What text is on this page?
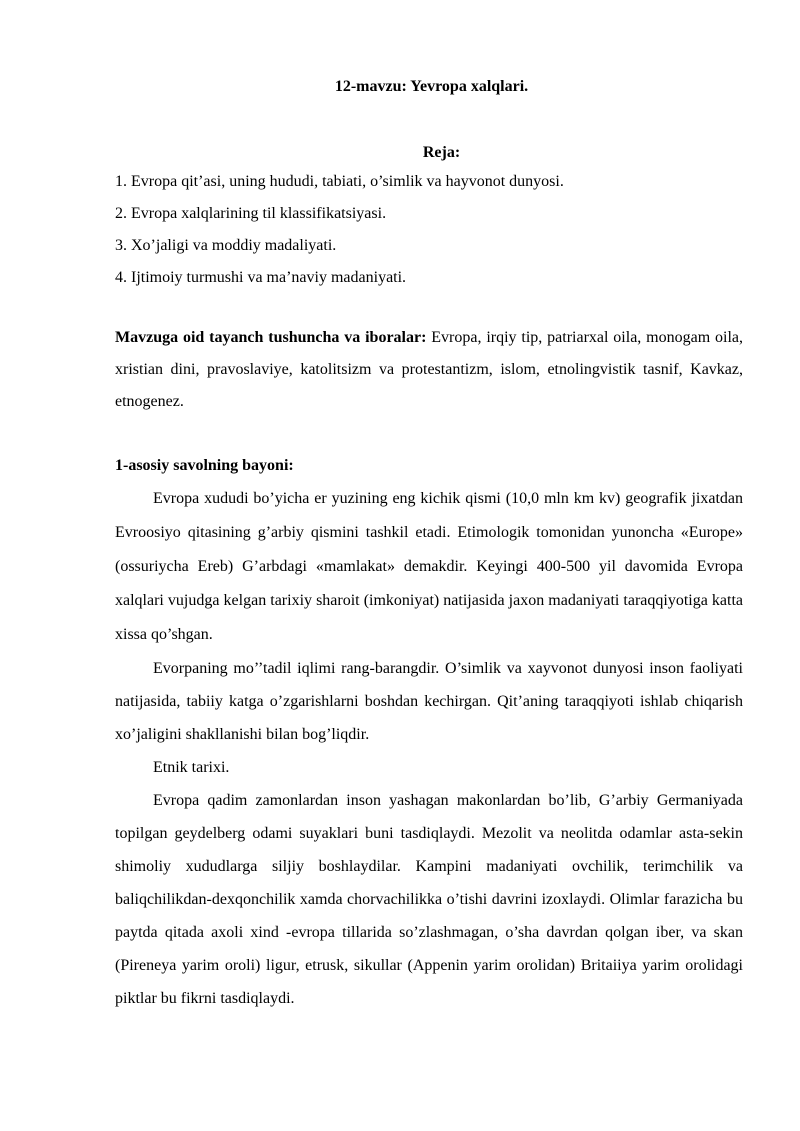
12-mavzu: Yevropa xalqlari.

Reja:

1. Evropa qit’asi, uning hududi, tabiati, o’simlik va hayvonot dunyosi.
2. Evropa xalqlarining til klassifikatsiyasi.
3. Xo’jaligi va moddiy madaliyati.
4. Ijtimoiy turmushi va ma’naviy madaniyati.

Mavzuga oid tayanch tushuncha va iboralar: Evropa, irqiy tip, patriarxal oila, monogam oila, xristian dini, pravoslaviye, katolitsizm va protestantizm, islom, etnolingvistik tasnif, Kavkaz, etnogenez.

1-asosiy savolning bayoni:

Evropa xududi bo’yicha er yuzining eng kichik qismi (10,0 mln km kv) geografik jixatdan Evroosiyo qitasining g’arbiy qismini tashkil etadi. Etimologik tomonidan yunoncha «Europe» (ossuriycha Ereb) G’arbdagi «mamlakat» demakdir. Keyingi 400-500 yil davomida Evropa xalqlari vujudga kelgan tarixiy sharoit (imkoniyat) natijasida jaxon madaniyati taraqqiyotiga katta xissa qo’shgan.

Evorpaning mo’’tadil iqlimi rang-barangdir. O’simlik va xayvonot dunyosi inson faoliyati natijasida, tabiiy katga o’zgarishlarni boshdan kechirgan. Qit’aning taraqqiyoti ishlab chiqarish xo’jaligini shakllanishi bilan bog’liqdir.

Etnik tarixi.

Evropa qadim zamonlardan inson yashagan makonlardan bo’lib, G’arbiy Germaniyada topilgan geydelberg odami suyaklari buni tasdiqlaydi. Mezolit va neolitda odamlar asta-sekin shimoliy xududlarga siljiy boshlaydilar. Kampini madaniyati ovchilik, terimchilik va baliqchilikdan-dexqonchilik xamda chorvachilikka o’tishi davrini izoxlaydi. Olimlar farazicha bu paytda qitada axoli xind -evropa tillarida so’zlashmagan, o’sha davrdan qolgan iber, va skan (Pireneya yarim oroli) ligur, etrusk, sikullar (Appenin yarim orolidan) Britaiiya yarim orolidagi piktlar bu fikrni tasdiqlaydi.
